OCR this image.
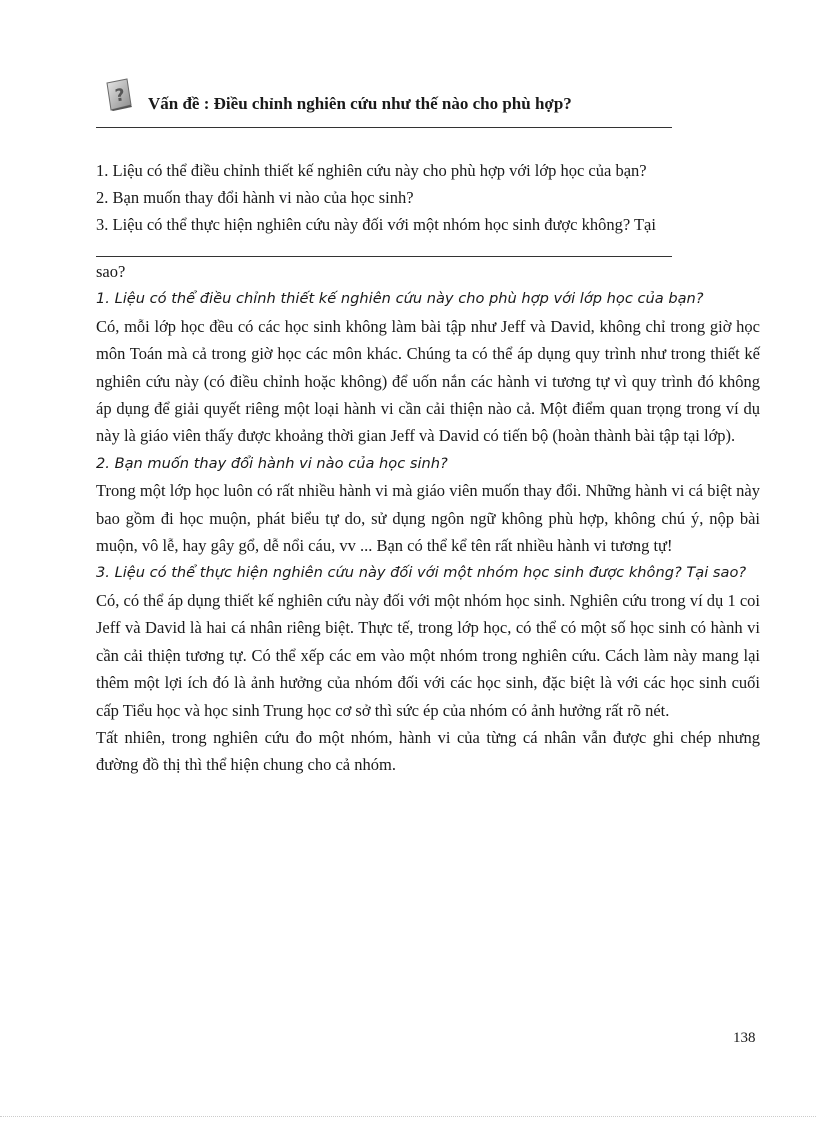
? Vấn đề : Điều chỉnh nghiên cứu như thế nào cho phù hợp?
1. Liệu có thể điều chỉnh thiết kế nghiên cứu này cho phù hợp với lớp học của bạn?
2. Bạn muốn thay đổi hành vi nào của học sinh?
3. Liệu có thể thực hiện nghiên cứu này đối với một nhóm học sinh được không? Tại

sao?

1. Liệu có thể điều chỉnh thiết kế nghiên cứu này cho phù hợp với lớp học của bạn?

Có, mỗi lớp học đều có các học sinh không làm bài tập như Jeff và David, không chỉ trong giờ học môn Toán mà cả trong giờ học các môn khác. Chúng ta có thể áp dụng quy trình như trong thiết kế nghiên cứu này (có điều chỉnh hoặc không) để uốn nắn các hành vi tương tự vì quy trình đó không áp dụng để giải quyết riêng một loại hành vi cần cải thiện nào cả. Một điểm quan trọng trong ví dụ này là giáo viên thấy được khoảng thời gian Jeff và David có tiến bộ (hoàn thành bài tập tại lớp).

2. Bạn muốn thay đổi hành vi nào của học sinh?

Trong một lớp học luôn có rất nhiều hành vi mà giáo viên muốn thay đổi. Những hành vi cá biệt này bao gồm đi học muộn, phát biểu tự do, sử dụng ngôn ngữ không phù hợp, không chú ý, nộp bài muộn, vô lễ, hay gây gổ, dễ nổi cáu, vv ... Bạn có thể kể tên rất nhiều hành vi tương tự!

3. Liệu có thể thực hiện nghiên cứu này đối với một nhóm học sinh được không? Tại sao?

Có, có thể áp dụng thiết kế nghiên cứu này đối với một nhóm học sinh. Nghiên cứu trong ví dụ 1 coi Jeff và David là hai cá nhân riêng biệt. Thực tế, trong lớp học, có thể có một số học sinh có hành vi cần cải thiện tương tự. Có thể xếp các em vào một nhóm trong nghiên cứu. Cách làm này mang lại thêm một lợi ích đó là ảnh hưởng của nhóm đối với các học sinh, đặc biệt là với các học sinh cuối cấp Tiểu học và học sinh Trung học cơ sở thì sức ép của nhóm có ảnh hưởng rất rõ nét.

Tất nhiên, trong nghiên cứu đo một nhóm, hành vi của từng cá nhân vẫn được ghi chép nhưng đường đồ thị thì thể hiện chung cho cả nhóm.

138
